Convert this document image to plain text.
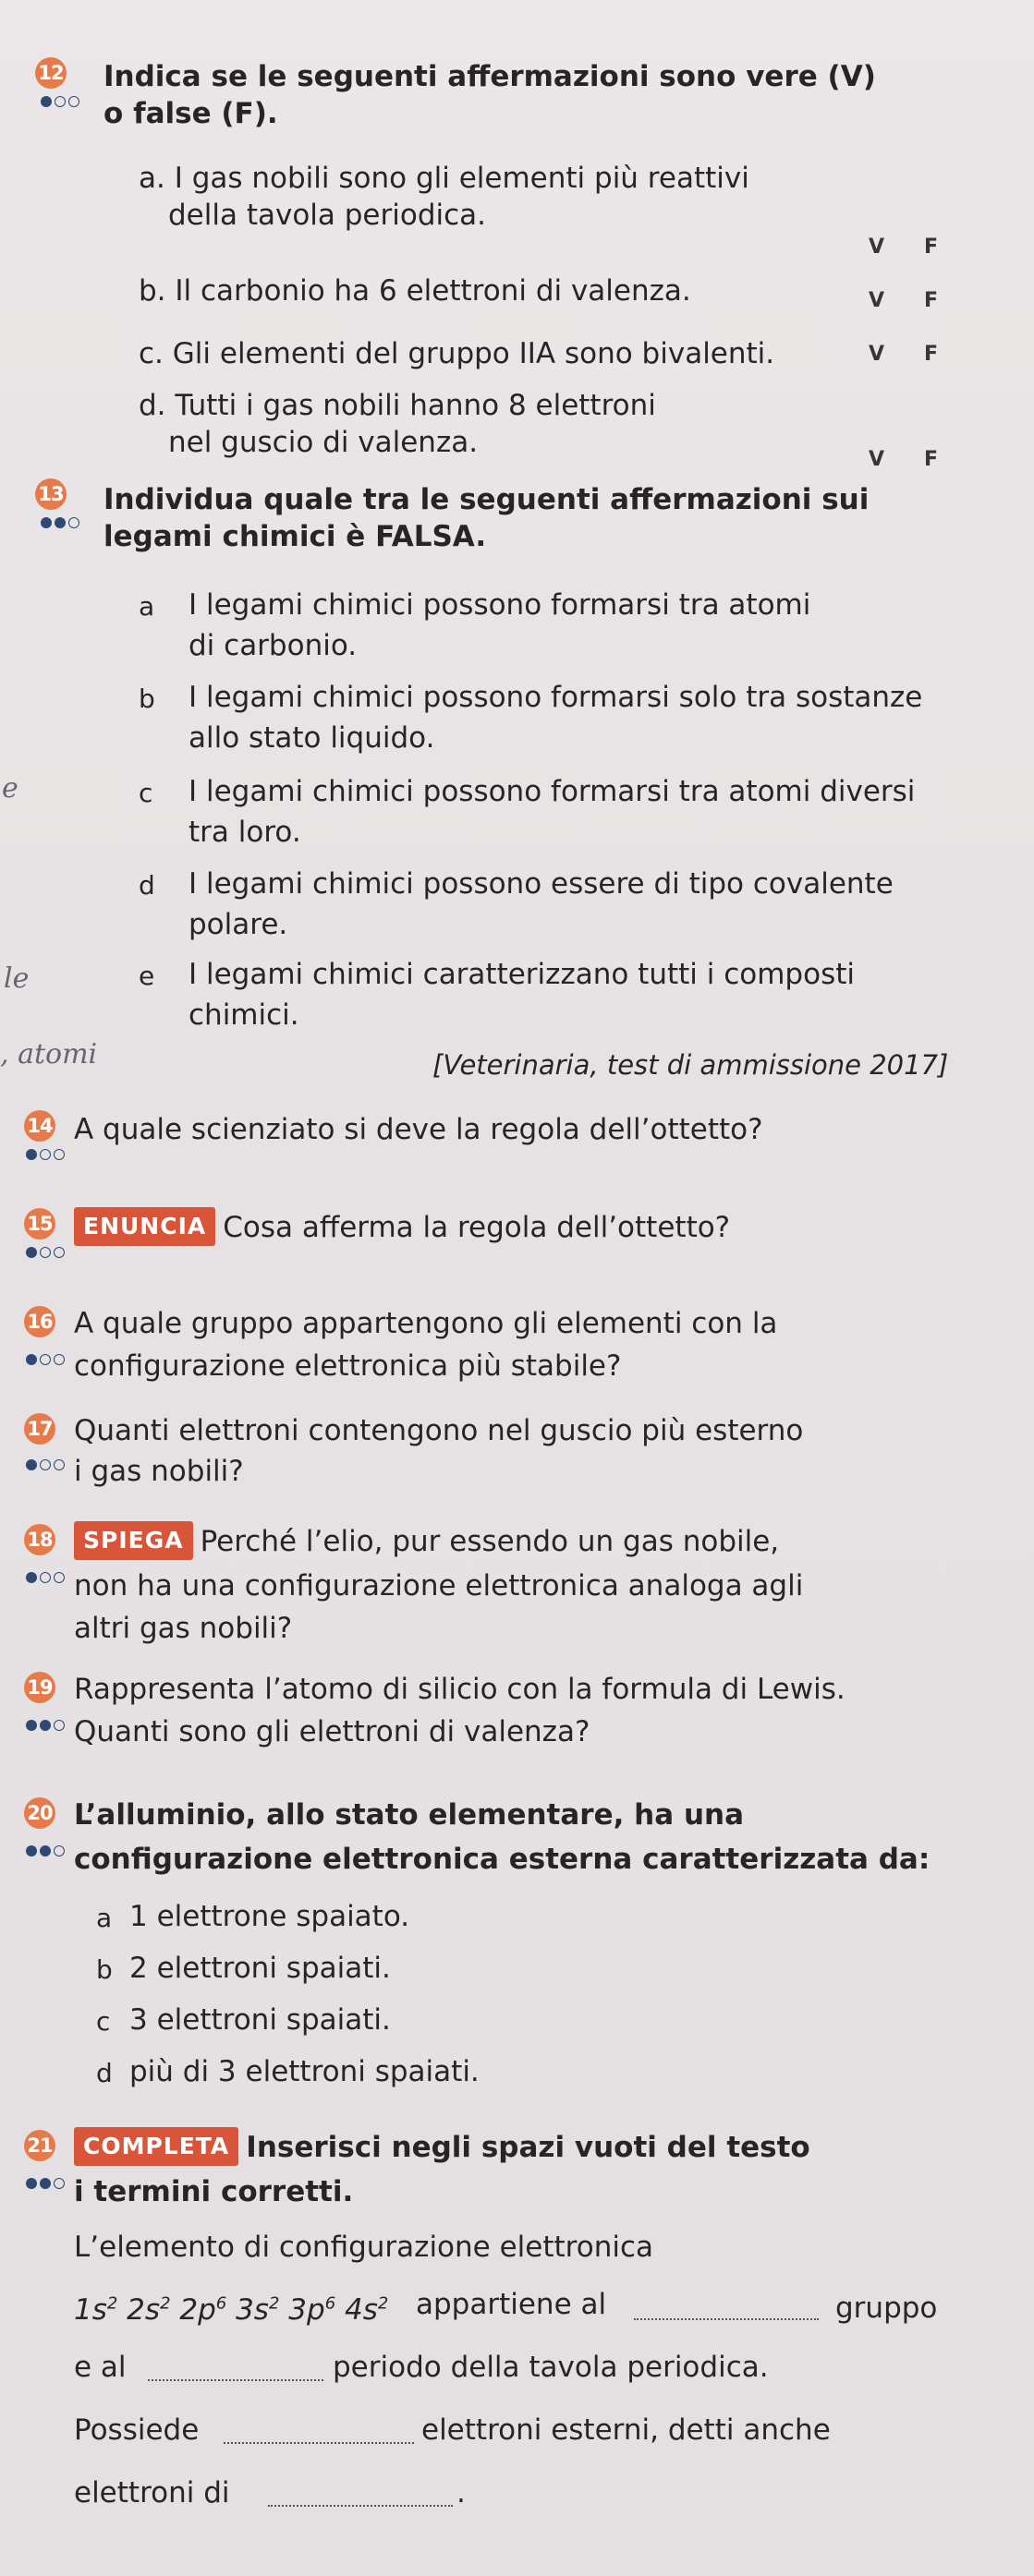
12 Indica se le seguenti affermazioni sono vere (V)
o false (F).
a. I gas nobili sono gli elementi più reattivi
della tavola periodica.
V F
b. Il carbonio ha 6 elettroni di valenza.	V F
c. Gli elementi del gruppo IIA sono bivalenti.	V F
d. Tutti i gas nobili hanno 8 elettroni
nel guscio di valenza.
V F
13 Individua quale tra le seguenti affermazioni sui
legami chimici è FALSA.
a I legami chimici possono formarsi tra atomi
di carbonio.
b I legami chimici possono formarsi solo tra sostanze
allo stato liquido.
c I legami chimici possono formarsi tra atomi diversi
tra loro.
d I legami chimici possono essere di tipo covalente
polare.
e I legami chimici caratterizzano tutti i composti
chimici.
[Veterinaria, test di ammissione 2017]
e
le
, atomi
14 A quale scienziato si deve la regola dell’ottetto?
15	ENUNCIA Cosa afferma la regola dell’ottetto?
16 A quale gruppo appartengono gli elementi con la
configurazione elettronica più stabile?
17 Quanti elettroni contengono nel guscio più esterno
i gas nobili?
18	SPIEGA Perché l’elio, pur essendo un gas nobile,
non ha una configurazione elettronica analoga agli
altri gas nobili?
19 Rappresenta l’atomo di silicio con la formula di Lewis.
Quanti sono gli elettroni di valenza?
20 L’alluminio, allo stato elementare, ha una
configurazione elettronica esterna caratterizzata da:
a 1 elettrone spaiato.
b 2 elettroni spaiati.
c 3 elettroni spaiati.
d più di 3 elettroni spaiati.
21	COMPLETA Inserisci negli spazi vuoti del testo
i termini corretti.
L’elemento di configurazione elettronica
$1s^2$ $2s^2$ $2p^6$ $3s^2$ $3p^6$ $4s^2$ appartiene al	gruppo
e al	periodo della tavola periodica.
Possiede	elettroni esterni, detti anche
elettroni di	.
